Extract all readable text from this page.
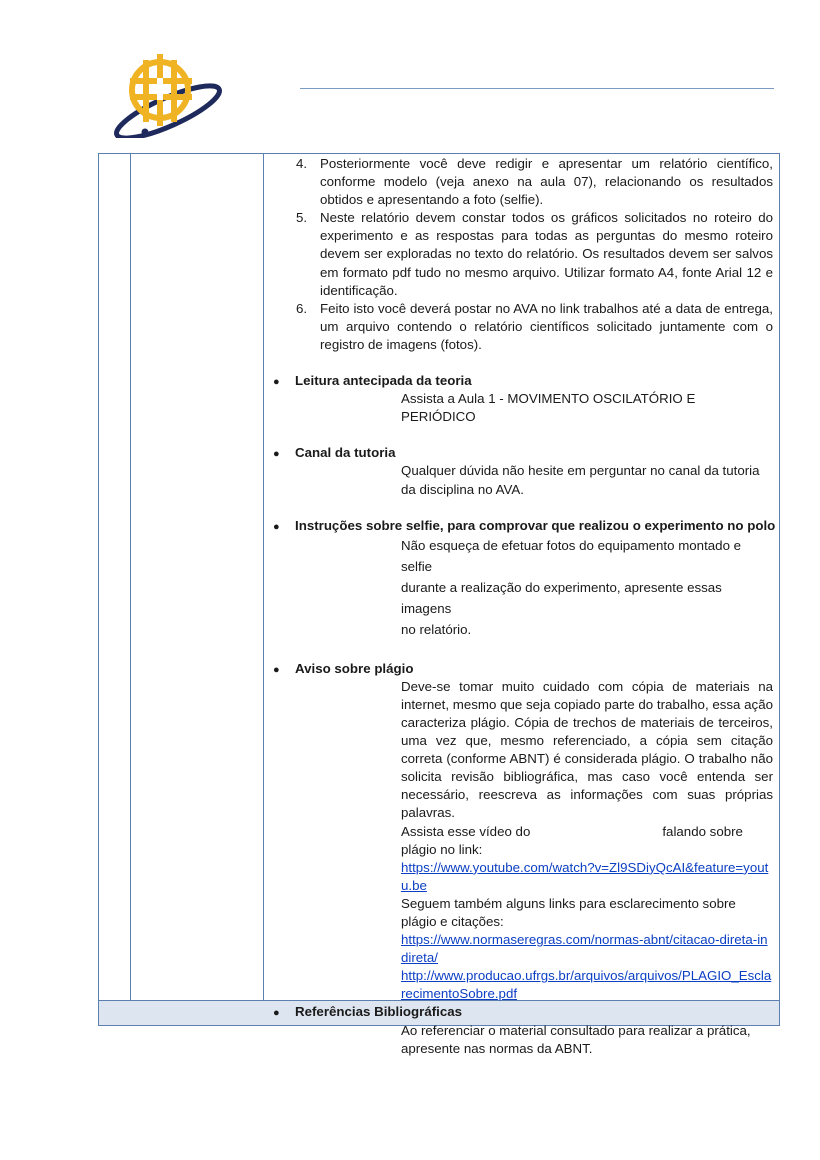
4. Posteriormente você deve redigir e apresentar um relatório científico, conforme modelo (veja anexo na aula 07), relacionando os resultados obtidos e apresentando a foto (selfie).
5. Neste relatório devem constar todos os gráficos solicitados no roteiro do experimento e as respostas para todas as perguntas do mesmo roteiro devem ser exploradas no texto do relatório. Os resultados devem ser salvos em formato pdf tudo no mesmo arquivo. Utilizar formato A4, fonte Arial 12 e identificação.
6. Feito isto você deverá postar no AVA no link trabalhos até a data de entrega, um arquivo contendo o relatório científicos solicitado juntamente com o registro de imagens (fotos).
● Leitura antecipada da teoria
Assista a Aula 1 - MOVIMENTO OSCILATÓRIO E PERIÓDICO
● Canal da tutoria
Qualquer dúvida não hesite em perguntar no canal da tutoria da disciplina no AVA.
● Instruções sobre selfie, para comprovar que realizou o experimento no polo
Não esqueça de efetuar fotos do equipamento montado e selfie
durante a realização do experimento, apresente essas imagens
no relatório.
● Aviso sobre plágio
Deve-se tomar muito cuidado com cópia de materiais na internet, mesmo que seja copiado parte do trabalho, essa ação caracteriza plágio. Cópia de trechos de materiais de terceiros, uma vez que, mesmo referenciado, a cópia sem citação correta (conforme ABNT) é considerada plágio. O trabalho não solicita revisão bibliográfica, mas caso você entenda ser necessário, reescreva as informações com suas próprias palavras.
Assista esse vídeo do	falando sobre plágio no link:
https://www.youtube.com/watch?v=Zl9SDiyQcAI&feature=youtu.be
Seguem também alguns links para esclarecimento sobre plágio e citações:
https://www.normaseregras.com/normas-abnt/citacao-direta-indireta/
http://www.producao.ufrgs.br/arquivos/arquivos/PLAGIO_EsclarecimentoSobre.pdf
● Referências Bibliográficas
Ao referenciar o material consultado para realizar a prática, apresente nas normas da ABNT.
